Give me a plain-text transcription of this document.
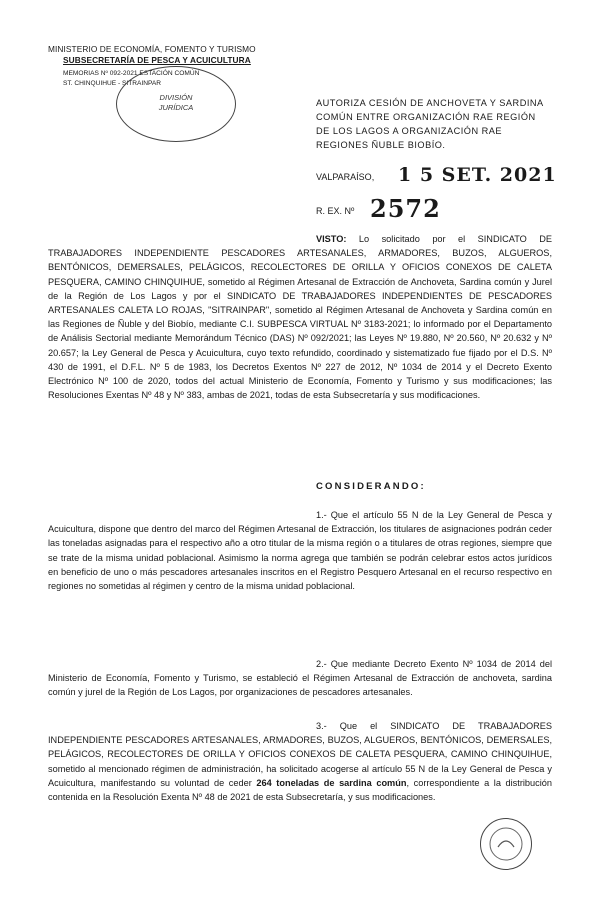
MINISTERIO DE ECONOMÍA, FOMENTO Y TURISMO
SUBSECRETARÍA DE PESCA Y ACUICULTURA
MEMORIAS Nº 092-2021 ESTACIÓN COMÚN
ST. CHINQUIHUE - SITRAINPAR
DIVISIÓN
JURÍDICA	AUTORIZA CESIÓN DE ANCHOVETA Y SARDINA COMÚN ENTRE ORGANIZACIÓN RAE REGIÓN DE LOS LAGOS A ORGANIZACIÓN RAE REGIONES ÑUBLE BIOBÍO.
VALPARAÍSO, 1 5 SET. 2021
R. EX. Nº 2572
VISTO: Lo solicitado por el SINDICATO DE TRABAJADORES INDEPENDIENTE PESCADORES ARTESANALES, ARMADORES, BUZOS, ALGUEROS, BENTÓNICOS, DEMERSALES, PELÁGICOS, RECOLECTORES DE ORILLA Y OFICIOS CONEXOS DE CALETA PESQUERA, CAMINO CHINQUIHUE, sometido al Régimen Artesanal de Extracción de Anchoveta, Sardina común y Jurel de la Región de Los Lagos y por el SINDICATO DE TRABAJADORES INDEPENDIENTES DE PESCADORES ARTESANALES CALETA LO ROJAS, "SITRAINPAR", sometido al Régimen Artesanal de Anchoveta y Sardina común en las Regiones de Ñuble y del Biobío, mediante C.I. SUBPESCA VIRTUAL Nº 3183-2021; lo informado por el Departamento de Análisis Sectorial mediante Memorándum Técnico (DAS) Nº 092/2021; las Leyes Nº 19.880, Nº 20.560, Nº 20.632 y Nº 20.657; la Ley General de Pesca y Acuicultura, cuyo texto refundido, coordinado y sistematizado fue fijado por el D.S. Nº 430 de 1991, el D.F.L. Nº 5 de 1983, los Decretos Exentos Nº 227 de 2012, Nº 1034 de 2014 y el Decreto Exento Electrónico Nº 100 de 2020, todos del actual Ministerio de Economía, Fomento y Turismo y sus modificaciones; las Resoluciones Exentas Nº 48 y Nº 383, ambas de 2021, todas de esta Subsecretaría y sus modificaciones.
CONSIDERANDO:
1.- Que el artículo 55 N de la Ley General de Pesca y Acuicultura, dispone que dentro del marco del Régimen Artesanal de Extracción, los titulares de asignaciones podrán ceder las toneladas asignadas para el respectivo año a otro titular de la misma región o a titulares de otras regiones, siempre que se trate de la misma unidad poblacional. Asimismo la norma agrega que también se podrán celebrar estos actos jurídicos en beneficio de uno o más pescadores artesanales inscritos en el Registro Pesquero Artesanal en el recurso respectivo en regiones no sometidas al régimen y centro de la misma unidad poblacional.
2.- Que mediante Decreto Exento Nº 1034 de 2014 del Ministerio de Economía, Fomento y Turismo, se estableció el Régimen Artesanal de Extracción de anchoveta, sardina común y jurel de la Región de Los Lagos, por organizaciones de pescadores artesanales.
3.- Que el SINDICATO DE TRABAJADORES INDEPENDIENTE PESCADORES ARTESANALES, ARMADORES, BUZOS, ALGUEROS, BENTÓNICOS, DEMERSALES, PELÁGICOS, RECOLECTORES DE ORILLA Y OFICIOS CONEXOS DE CALETA PESQUERA, CAMINO CHINQUIHUE, sometido al mencionado régimen de administración, ha solicitado acogerse al artículo 55 N de la Ley General de Pesca y Acuicultura, manifestando su voluntad de ceder 264 toneladas de sardina común, correspondiente a la distribución contenida en la Resolución Exenta Nº 48 de 2021 de esta Subsecretaría, y sus modificaciones.
